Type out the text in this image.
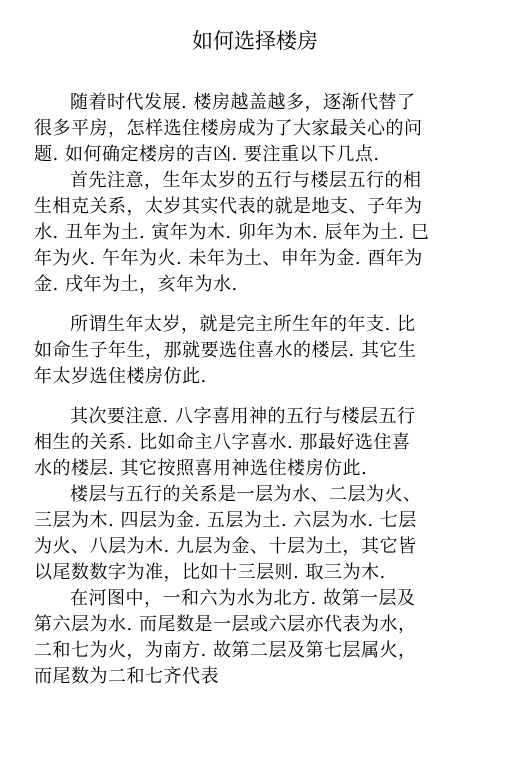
如何选择楼房

随着时代发展. 楼房越盖越多，逐渐代替了
很多平房，怎样选住楼房成为了大家最关心的问
题. 如何确定楼房的吉凶. 要注重以下几点.

首先注意，生年太岁的五行与楼层五行的相
生相克关系，太岁其实代表的就是地支、子年为
水. 丑年为土. 寅年为木. 卯年为木. 辰年为土. 巳
年为火. 午年为火. 未年为土、申年为金. 酉年为
金. 戌年为土，亥年为水.

所谓生年太岁，就是完主所生年的年支. 比
如命生子年生，那就要选住喜水的楼层. 其它生
年太岁选住楼房仿此.

其次要注意. 八字喜用神的五行与楼层五行
相生的关系. 比如命主八字喜水. 那最好选住喜
水的楼层. 其它按照喜用神选住楼房仿此.

楼层与五行的关系是一层为水、二层为火、
三层为木. 四层为金. 五层为土. 六层为水. 七层
为火、八层为木. 九层为金、十层为土，其它皆
以尾数数字为准，比如十三层则. 取三为木.

在河图中，一和六为水为北方. 故第一层及
第六层为水. 而尾数是一层或六层亦代表为水，
二和七为火，为南方. 故第二层及第七层属火，
而尾数为二和七齐代表
